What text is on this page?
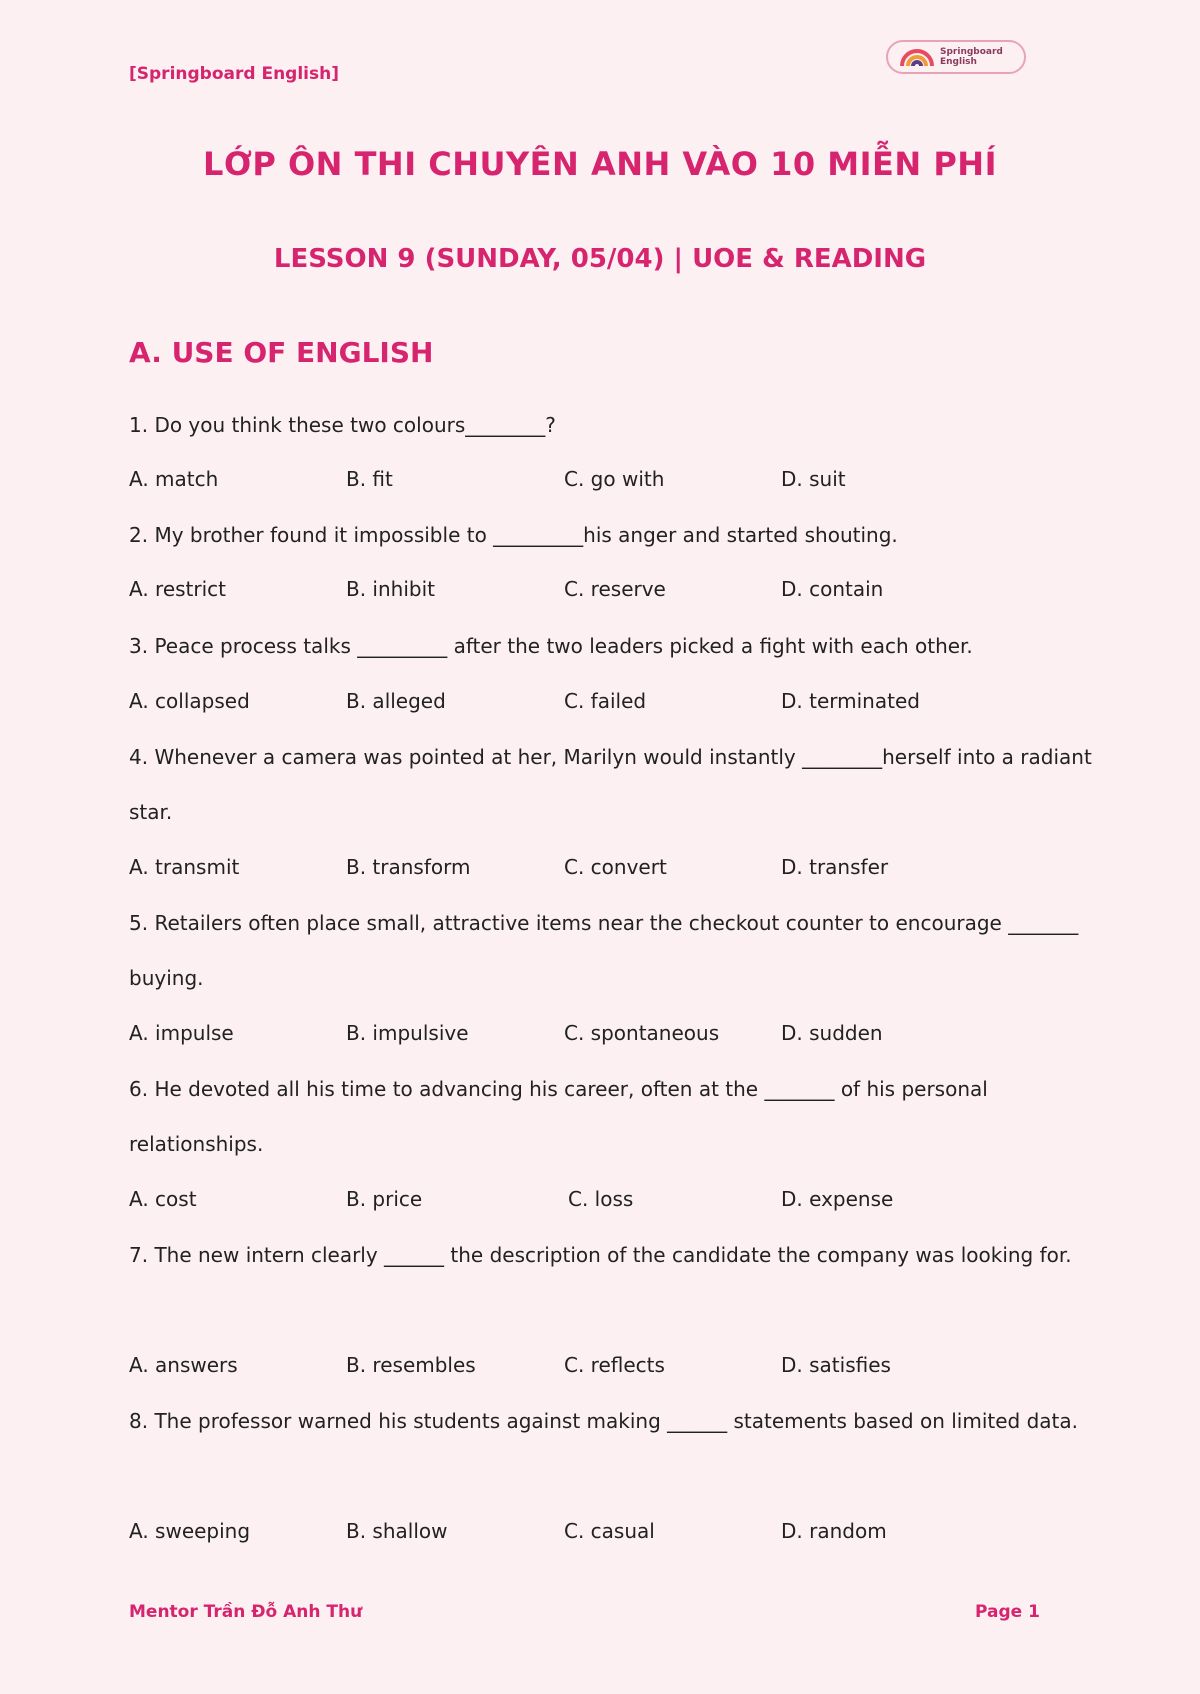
[Springboard English]
Springboard
English
LỚP ÔN THI CHUYÊN ANH VÀO 10 MIỄN PHÍ
LESSON 9 (SUNDAY, 05/04) | UOE & READING
A. USE OF ENGLISH
1. Do you think these two colours________?
A. match	B. fit	C. go with	D. suit
2. My brother found it impossible to _________his anger and started shouting.
A. restrict	B. inhibit	C. reserve	D. contain
3. Peace process talks _________ after the two leaders picked a fight with each other.
A. collapsed	B. alleged	C. failed	D. terminated
4. Whenever a camera was pointed at her, Marilyn would instantly ________herself into a radiant star.
A. transmit	B. transform	C. convert	D. transfer
5. Retailers often place small, attractive items near the checkout counter to encourage _______ buying.
A. impulse	B. impulsive	C. spontaneous	D. sudden
6. He devoted all his time to advancing his career, often at the _______ of his personal relationships.
A. cost	B. price	C. loss	D. expense
7. The new intern clearly ______ the description of the candidate the company was looking for.
A. answers	B. resembles	C. reflects	D. satisfies
8. The professor warned his students against making ______ statements based on limited data.
A. sweeping	B. shallow	C. casual	D. random
Mentor Trần Đỗ Anh Thư	Page 1
